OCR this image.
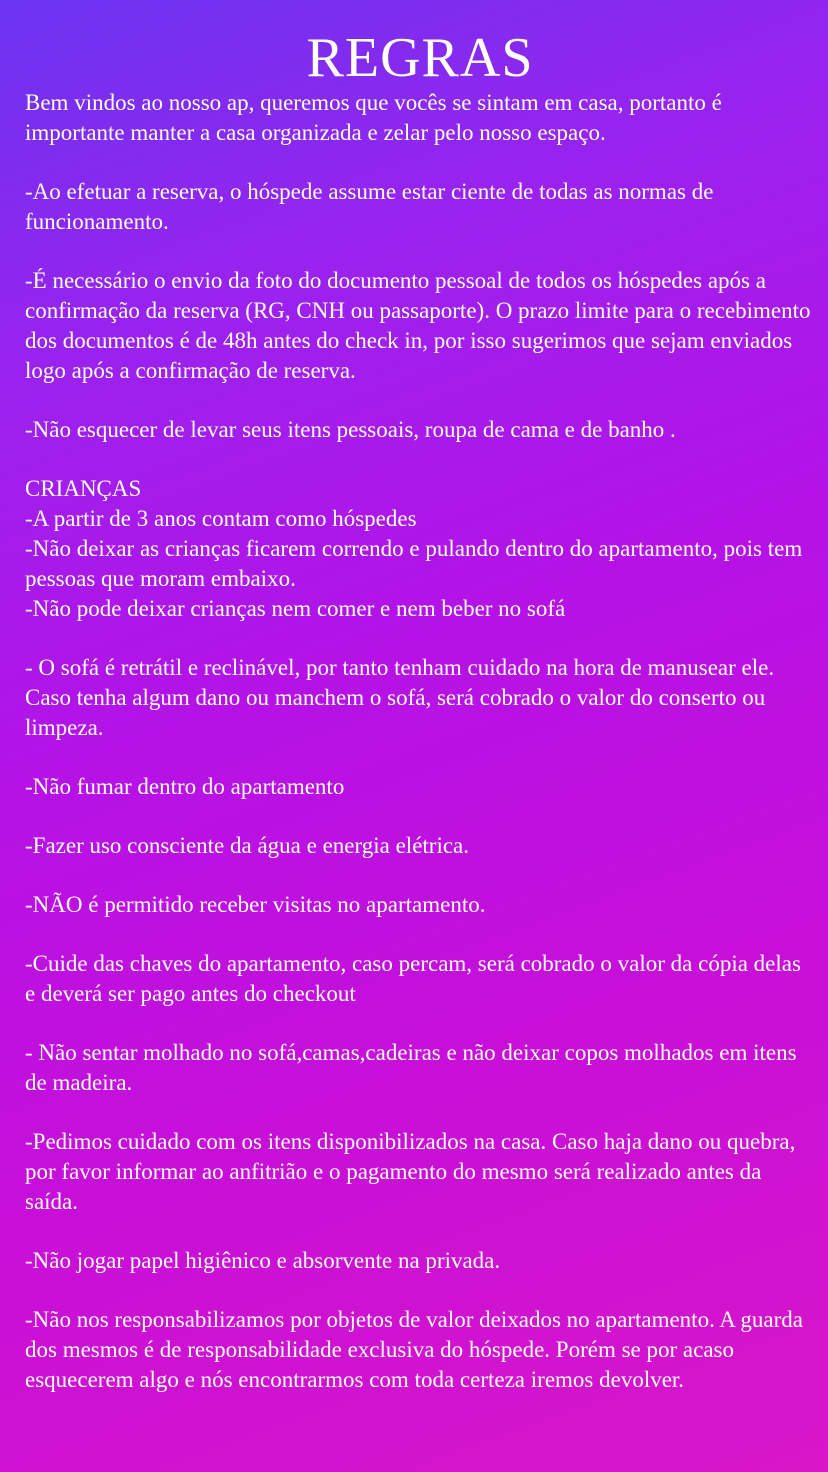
REGRAS

Bem vindos ao nosso ap, queremos que vocês se sintam em casa, portanto é importante manter a casa organizada e zelar pelo nosso espaço.

-Ao efetuar a reserva, o hóspede assume estar ciente de todas as normas de funcionamento.

-É necessário o envio da foto do documento pessoal de todos os hóspedes após a confirmação da reserva (RG, CNH ou passaporte). O prazo limite para o recebimento dos documentos é de 48h antes do check in, por isso sugerimos que sejam enviados logo após a confirmação de reserva.

-Não esquecer de levar seus itens pessoais, roupa de cama e de banho .

CRIANÇAS

-A partir de 3 anos contam como hóspedes

-Não deixar as crianças ficarem correndo e pulando dentro do apartamento, pois tem pessoas que moram embaixo.

-Não pode deixar crianças nem comer e nem beber no sofá

- O sofá é retrátil e reclinável, por tanto tenham cuidado na hora de manusear ele. Caso tenha algum dano ou manchem o sofá, será cobrado o valor do conserto ou limpeza.

-Não fumar dentro do apartamento

-Fazer uso consciente da água e energia elétrica.

-NÃO é permitido receber visitas no apartamento.

-Cuide das chaves do apartamento, caso percam, será cobrado o valor da cópia delas e deverá ser pago antes do checkout

- Não sentar molhado no sofá,camas,cadeiras e não deixar copos molhados em itens de madeira.

-Pedimos cuidado com os itens disponibilizados na casa. Caso haja dano ou quebra, por favor informar ao anfitrião e o pagamento do mesmo será realizado antes da saída.

-Não jogar papel higiênico e absorvente na privada.

-Não nos responsabilizamos por objetos de valor deixados no apartamento. A guarda dos mesmos é de responsabilidade exclusiva do hóspede. Porém se por acaso esquecerem algo e nós encontrarmos com toda certeza iremos devolver.
